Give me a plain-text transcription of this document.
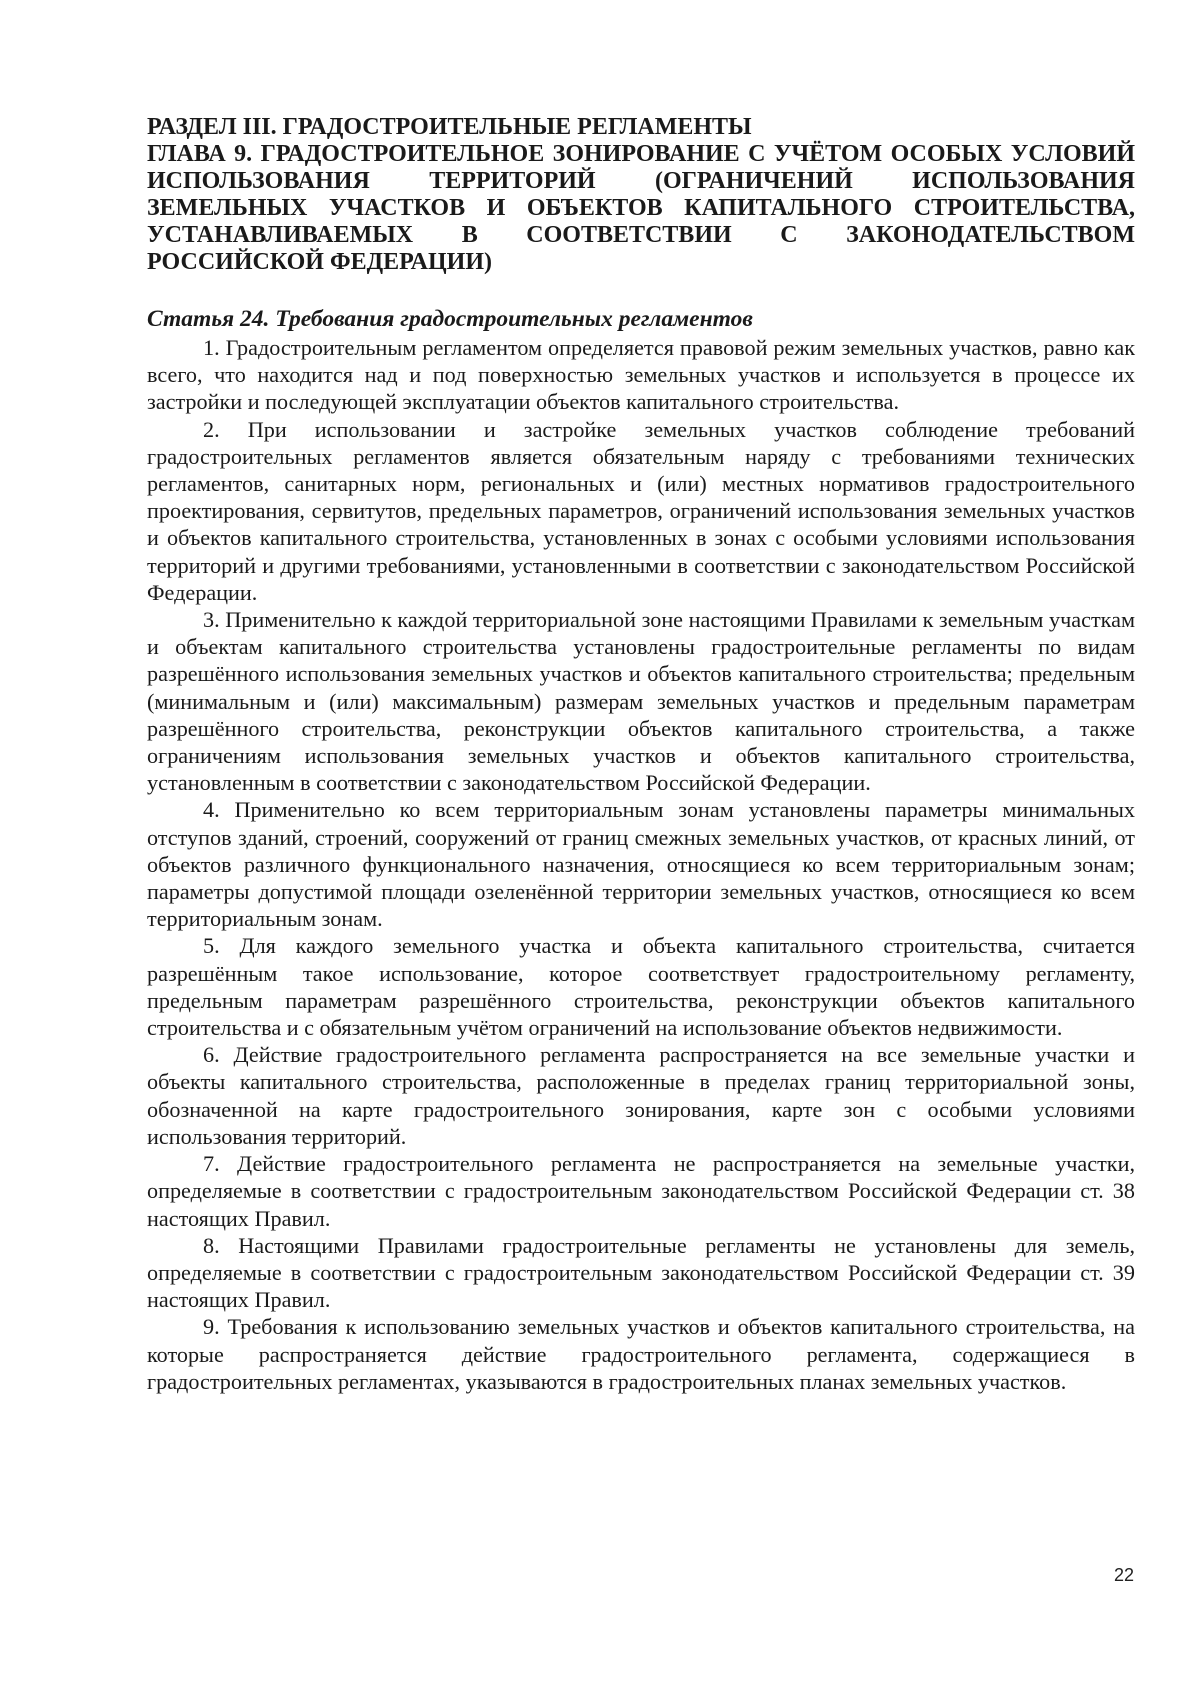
РАЗДЕЛ III. ГРАДОСТРОИТЕЛЬНЫЕ РЕГЛАМЕНТЫ
ГЛАВА 9. ГРАДОСТРОИТЕЛЬНОЕ ЗОНИРОВАНИЕ С УЧЁТОМ ОСОБЫХ УСЛОВИЙ ИСПОЛЬЗОВАНИЯ ТЕРРИТОРИЙ (ОГРАНИЧЕНИЙ ИСПОЛЬЗОВАНИЯ ЗЕМЕЛЬНЫХ УЧАСТКОВ И ОБЪЕКТОВ КАПИТАЛЬНОГО СТРОИТЕЛЬСТВА, УСТАНАВЛИВАЕМЫХ В СООТВЕТСТВИИ С ЗАКОНОДАТЕЛЬСТВОМ РОССИЙСКОЙ ФЕДЕРАЦИИ)
Статья 24. Требования градостроительных регламентов

1. Градостроительным регламентом определяется правовой режим земельных участков, равно как всего, что находится над и под поверхностью земельных участков и используется в процессе их застройки и последующей эксплуатации объектов капитального строительства.

2. При использовании и застройке земельных участков соблюдение требований градостроительных регламентов является обязательным наряду с требованиями технических регламентов, санитарных норм, региональных и (или) местных нормативов градостроительного проектирования, сервитутов, предельных параметров, ограничений использования земельных участков и объектов капитального строительства, установленных в зонах с особыми условиями использования территорий и другими требованиями, установленными в соответствии с законодательством Российской Федерации.

3. Применительно к каждой территориальной зоне настоящими Правилами к земельным участкам и объектам капитального строительства установлены градостроительные регламенты по видам разрешённого использования земельных участков и объектов капитального строительства; предельным (минимальным и (или) максимальным) размерам земельных участков и предельным параметрам разрешённого строительства, реконструкции объектов капитального строительства, а также ограничениям использования земельных участков и объектов капитального строительства, установленным в соответствии с законодательством Российской Федерации.

4. Применительно ко всем территориальным зонам установлены параметры минимальных отступов зданий, строений, сооружений от границ смежных земельных участков, от красных линий, от объектов различного функционального назначения, относящиеся ко всем территориальным зонам; параметры допустимой площади озеленённой территории земельных участков, относящиеся ко всем территориальным зонам.

5. Для каждого земельного участка и объекта капитального строительства, считается разрешённым такое использование, которое соответствует градостроительному регламенту, предельным параметрам разрешённого строительства, реконструкции объектов капитального строительства и с обязательным учётом ограничений на использование объектов недвижимости.

6. Действие градостроительного регламента распространяется на все земельные участки и объекты капитального строительства, расположенные в пределах границ территориальной зоны, обозначенной на карте градостроительного зонирования, карте зон с особыми условиями использования территорий.

7. Действие градостроительного регламента не распространяется на земельные участки, определяемые в соответствии с градостроительным законодательством Российской Федерации ст. 38 настоящих Правил.

8. Настоящими Правилами градостроительные регламенты не установлены для земель, определяемые в соответствии с градостроительным законодательством Российской Федерации ст. 39 настоящих Правил.

9. Требования к использованию земельных участков и объектов капитального строительства, на которые распространяется действие градостроительного регламента, содержащиеся в градостроительных регламентах, указываются в градостроительных планах земельных участков.

22
